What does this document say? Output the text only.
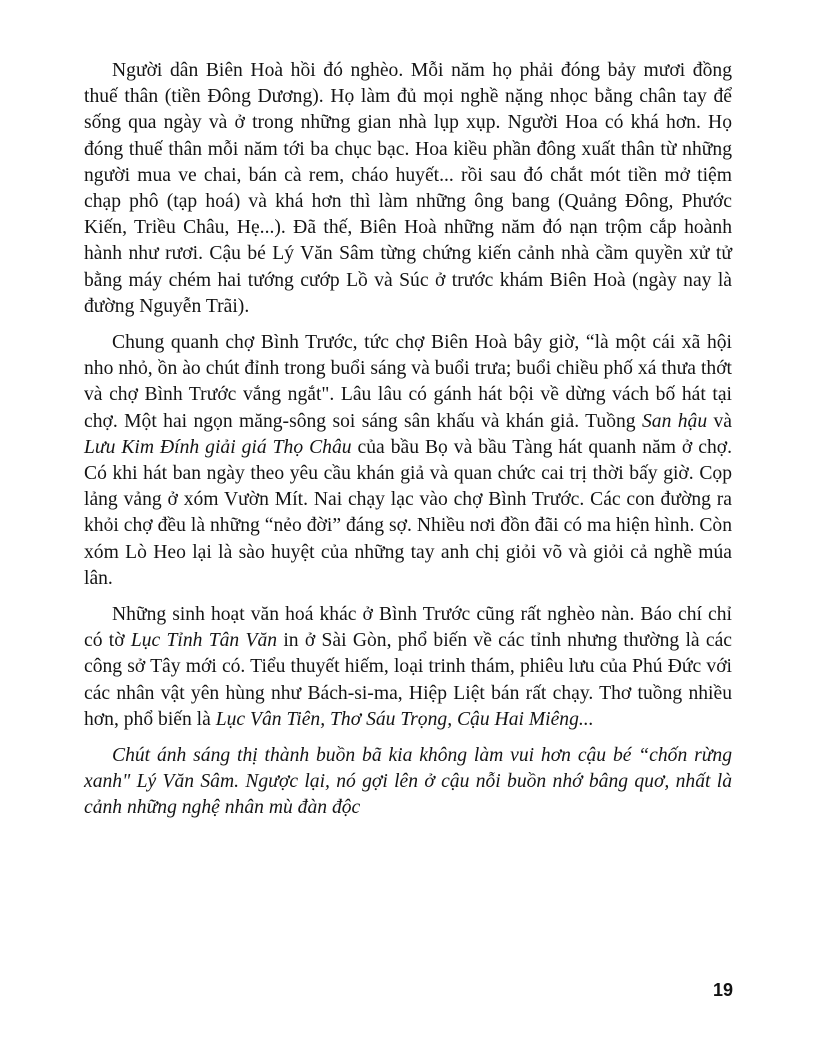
Người dân Biên Hoà hồi đó nghèo. Mỗi năm họ phải đóng bảy mươi đồng thuế thân (tiền Đông Dương). Họ làm đủ mọi nghề nặng nhọc bằng chân tay để sống qua ngày và ở trong những gian nhà lụp xụp. Người Hoa có khá hơn. Họ đóng thuế thân mỗi năm tới ba chục bạc. Hoa kiều phần đông xuất thân từ những người mua ve chai, bán cà rem, cháo huyết... rồi sau đó chắt mót tiền mở tiệm chạp phô (tạp hoá) và khá hơn thì làm những ông bang (Quảng Đông, Phước Kiến, Triều Châu, Hẹ...). Đã thế, Biên Hoà những năm đó nạn trộm cắp hoành hành như rươi. Cậu bé Lý Văn Sâm từng chứng kiến cảnh nhà cầm quyền xử tử bằng máy chém hai tướng cướp Lồ và Súc ở trước khám Biên Hoà (ngày nay là đường Nguyễn Trãi).

Chung quanh chợ Bình Trước, tức chợ Biên Hoà bây giờ, “là một cái xã hội nho nhỏ, ồn ào chút đỉnh trong buổi sáng và buổi trưa; buổi chiều phố xá thưa thớt và chợ Bình Trước vắng ngắt". Lâu lâu có gánh hát bội về dừng vách bố hát tại chợ. Một hai ngọn măng-sông soi sáng sân khấu và khán giả. Tuồng San hậu và Lưu Kim Đính giải giá Thọ Châu của bầu Bọ và bầu Tàng hát quanh năm ở chợ. Có khi hát ban ngày theo yêu cầu khán giả và quan chức cai trị thời bấy giờ. Cọp lảng vảng ở xóm Vườn Mít. Nai chạy lạc vào chợ Bình Trước. Các con đường ra khỏi chợ đều là những “nẻo đời” đáng sợ. Nhiều nơi đồn đãi có ma hiện hình. Còn xóm Lò Heo lại là sào huyệt của những tay anh chị giỏi võ và giỏi cả nghề múa lân.

Những sinh hoạt văn hoá khác ở Bình Trước cũng rất nghèo nàn. Báo chí chỉ có tờ Lục Tỉnh Tân Văn in ở Sài Gòn, phổ biến về các tỉnh nhưng thường là các công sở Tây mới có. Tiểu thuyết hiếm, loại trinh thám, phiêu lưu của Phú Đức với các nhân vật yên hùng như Bách-si-ma, Hiệp Liệt bán rất chạy. Thơ tuồng nhiều hơn, phổ biến là Lục Vân Tiên, Thơ Sáu Trọng, Cậu Hai Miêng...

Chút ánh sáng thị thành buồn bã kia không làm vui hơn cậu bé “chốn rừng xanh" Lý Văn Sâm. Ngược lại, nó gợi lên ở cậu nỗi buồn nhớ bâng quơ, nhất là cảnh những nghệ nhân mù đàn độc

19
